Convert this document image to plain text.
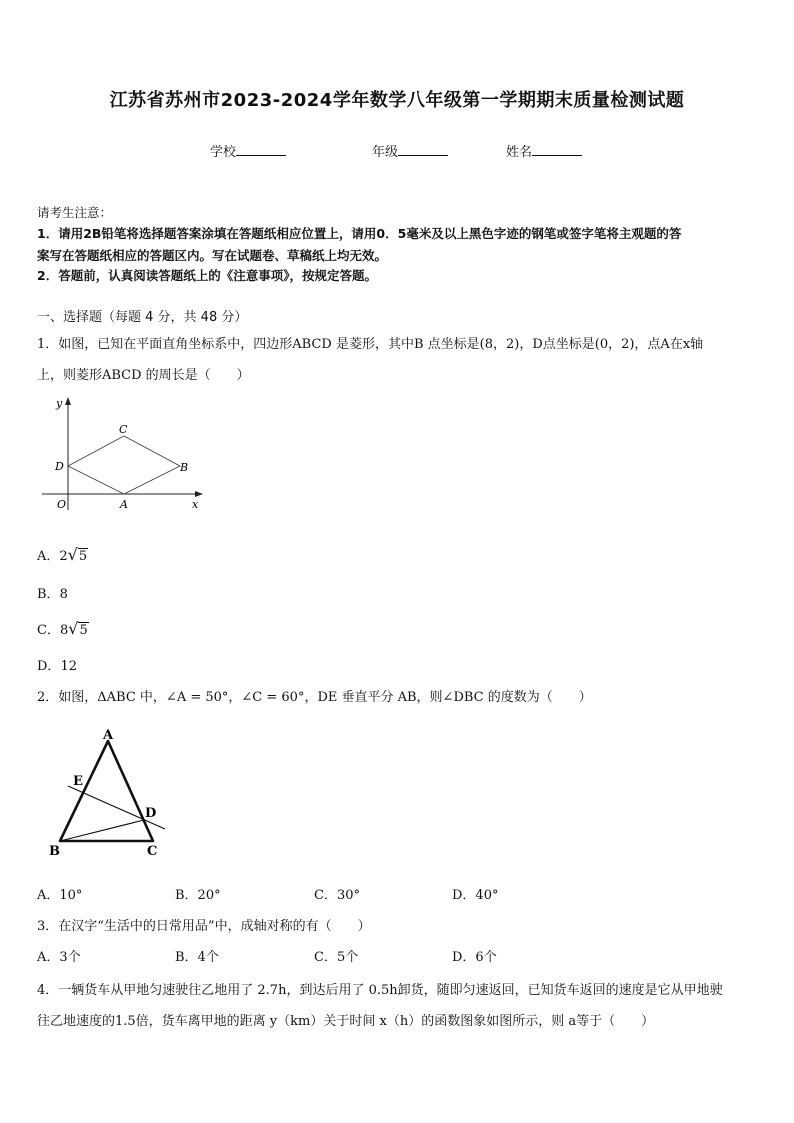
江苏省苏州市2023-2024学年数学八年级第一学期期末质量检测试题
学校	年级	姓名
请考生注意：
1．请用2B铅笔将选择题答案涂填在答题纸相应位置上，请用0．5毫米及以上黑色字迹的钢笔或签字笔将主观题的答
案写在答题纸相应的答题区内。写在试题卷、草稿纸上均无效。
2．答题前，认真阅读答题纸上的《注意事项》，按规定答题。
一、选择题（每题 4 分，共 48 分）
1．如图，已知在平面直角坐标系中，四边形ABCD 是菱形，其中B 点坐标是(8，2)，D点坐标是(0，2)，点A在x轴
上，则菱形ABCD 的周长是（　　）
y
x
O	A
B
C
D
A．2√5
B．8
C．8√5
D．12
2．如图，ΔABC 中，∠A = 50°，∠C = 60°，DE 垂直平分 AB，则∠DBC 的度数为（　　）
A
E
D
B	C
A．10°	B．20°	C．30°	D．40°
3．在汉字“生活中的日常用品”中，成轴对称的有（　　）
A．3个	B．4个	C．5个	D．6个
4．一辆货车从甲地匀速驶往乙地用了 2.7h，到达后用了 0.5h卸货，随即匀速返回，已知货车返回的速度是它从甲地驶
往乙地速度的1.5倍，货车离甲地的距离 y（km）关于时间 x（h）的函数图象如图所示，则 a等于（　　）
